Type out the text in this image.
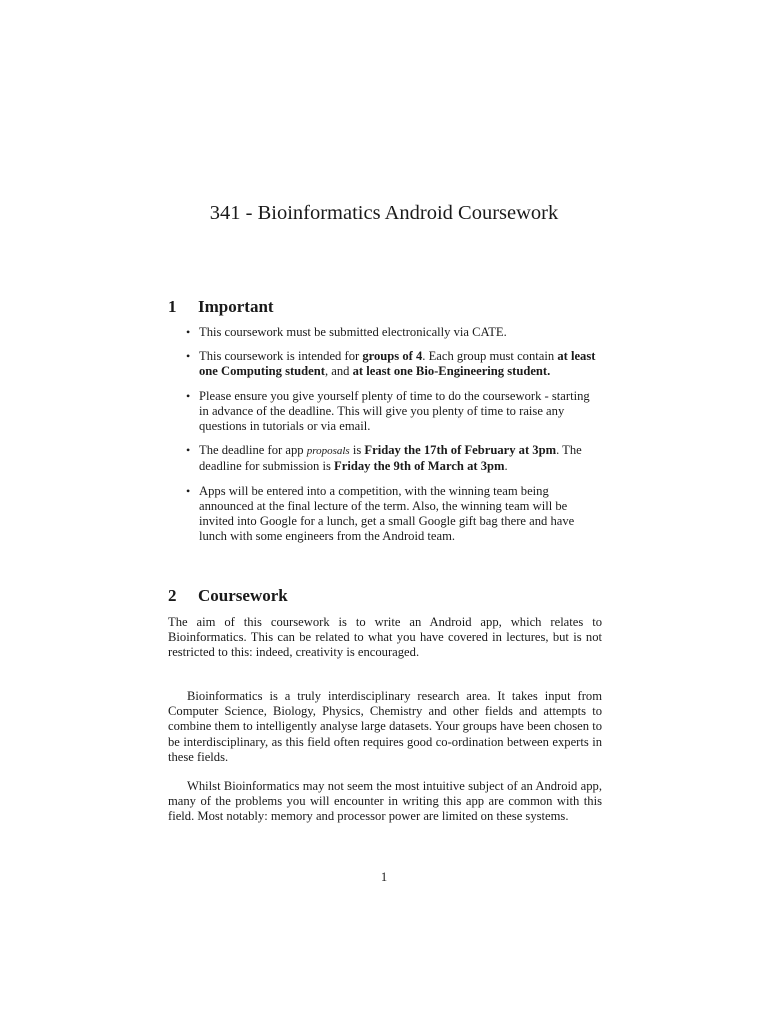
341 - Bioinformatics Android Coursework
1 Important
• This coursework must be submitted electronically via CATE.
• This coursework is intended for groups of 4. Each group must contain at least one Computing student, and at least one Bio-Engineering student.
• Please ensure you give yourself plenty of time to do the coursework - starting in advance of the deadline. This will give you plenty of time to raise any questions in tutorials or via email.
• The deadline for app proposals is Friday the 17th of February at 3pm. The deadline for submission is Friday the 9th of March at 3pm.
• Apps will be entered into a competition, with the winning team being announced at the final lecture of the term. Also, the winning team will be invited into Google for a lunch, get a small Google gift bag there and have lunch with some engineers from the Android team.
2 Coursework

The aim of this coursework is to write an Android app, which relates to Bioinformatics. This can be related to what you have covered in lectures, but is not restricted to this: indeed, creativity is encouraged.

Bioinformatics is a truly interdisciplinary research area. It takes input from Computer Science, Biology, Physics, Chemistry and other fields and attempts to combine them to intelligently analyse large datasets. Your groups have been chosen to be interdisciplinary, as this field often requires good co-ordination between experts in these fields.

Whilst Bioinformatics may not seem the most intuitive subject of an Android app, many of the problems you will encounter in writing this app are common with this field. Most notably: memory and processor power are limited on these systems.

1
